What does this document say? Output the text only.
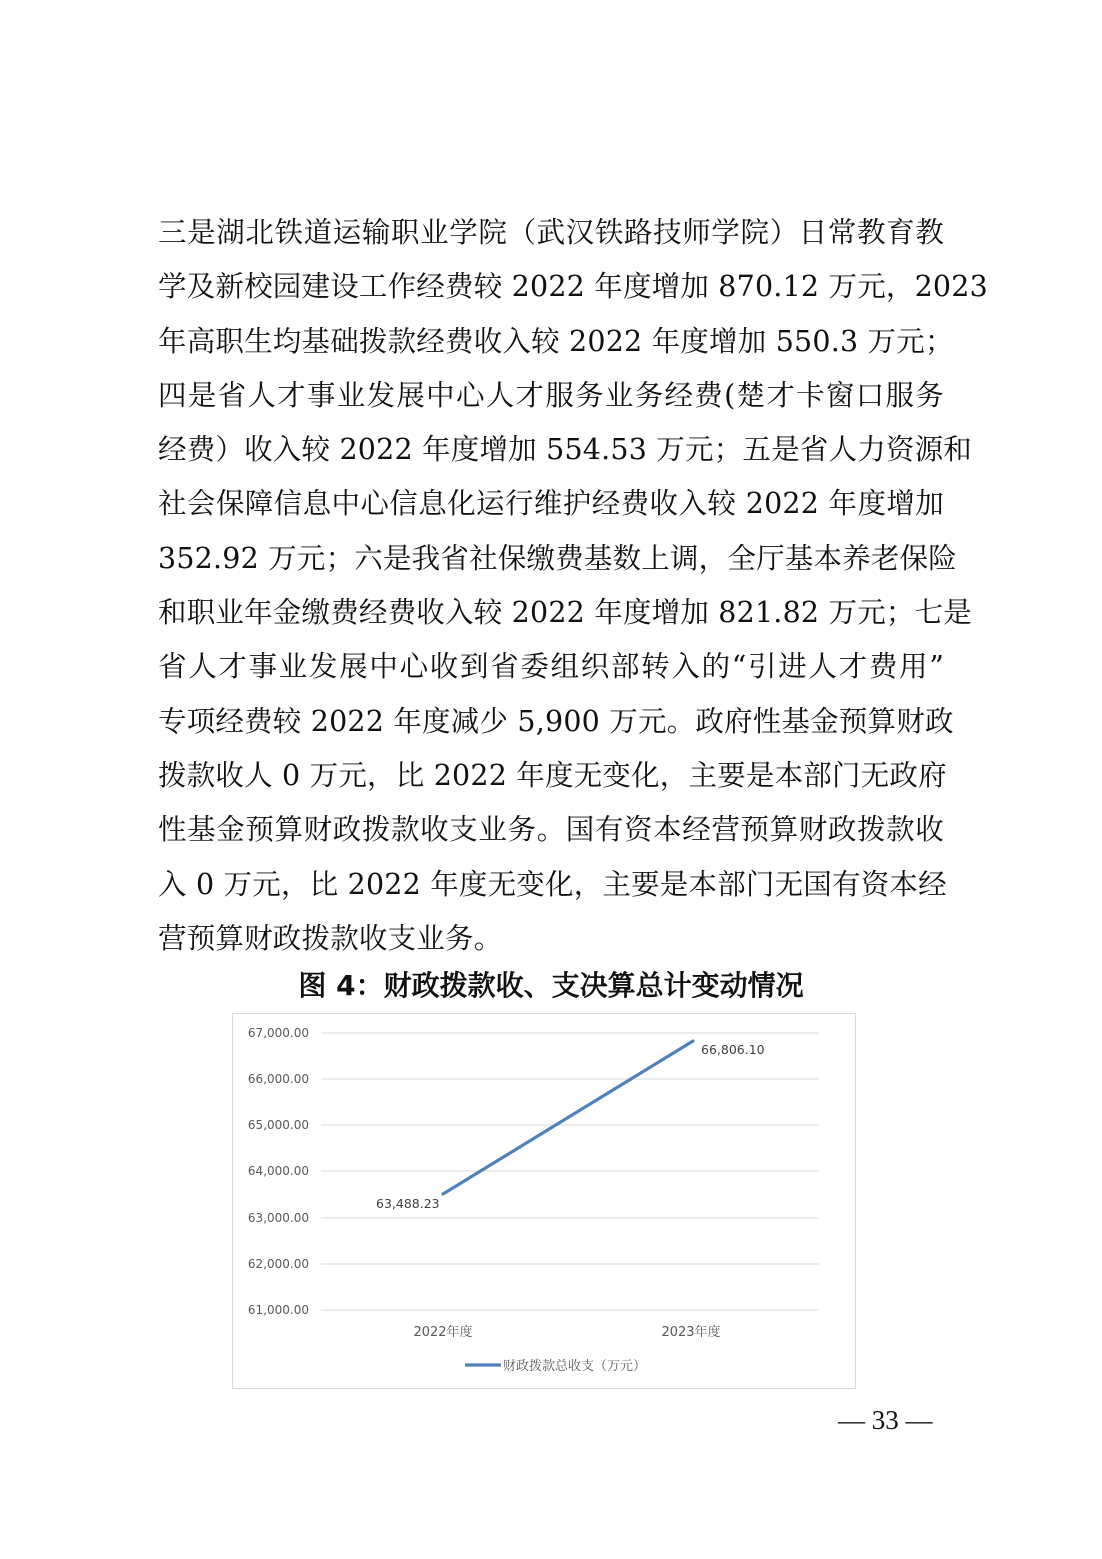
三是湖北铁道运输职业学院（武汉铁路技师学院）日常教育教
学及新校园建设工作经费较 2022 年度增加 870.12 万元，2023
年高职生均基础拨款经费收入较 2022 年度增加 550.3 万元；
四是省人才事业发展中心人才服务业务经费(楚才卡窗口服务
经费）收入较 2022 年度增加 554.53 万元；五是省人力资源和
社会保障信息中心信息化运行维护经费收入较 2022 年度增加
352.92 万元；六是我省社保缴费基数上调，全厅基本养老保险
和职业年金缴费经费收入较 2022 年度增加 821.82 万元；七是
省人才事业发展中心收到省委组织部转入的“引进人才费用”
专项经费较 2022 年度减少 5,900 万元。政府性基金预算财政
拨款收人 0 万元，比 2022 年度无变化，主要是本部门无政府
性基金预算财政拨款收支业务。国有资本经营预算财政拨款收
入 0 万元，比 2022 年度无变化，主要是本部门无国有资本经
营预算财政拨款收支业务。
图 4：财政拨款收、支决算总计变动情况
67,000.00
66,000.00
65,000.00
64,000.00
63,000.00
62,000.00
61,000.00
63,488.23
66,806.10
2022年度	2023年度
财政拨款总收支（万元）
— 33 —
